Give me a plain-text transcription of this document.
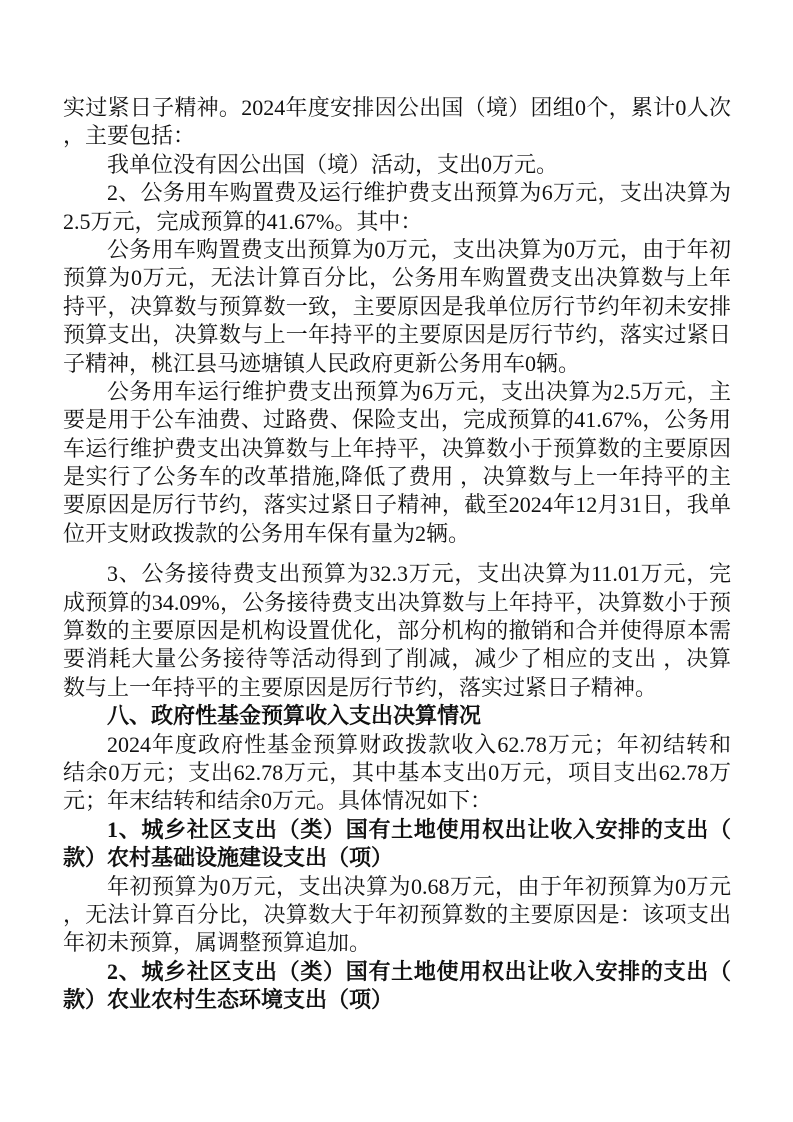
实过紧日子精神。2024年度安排因公出国（境）团组0个，累计0人次
，主要包括：
我单位没有因公出国（境）活动，支出0万元。
2、公务用车购置费及运行维护费支出预算为6万元，支出决算为
2.5万元，完成预算的41.67%。其中：
公务用车购置费支出预算为0万元，支出决算为0万元，由于年初
预算为0万元，无法计算百分比，公务用车购置费支出决算数与上年
持平，决算数与预算数一致，主要原因是我单位厉行节约年初未安排
预算支出，决算数与上一年持平的主要原因是厉行节约，落实过紧日
子精神，桃江县马迹塘镇人民政府更新公务用车0辆。
公务用车运行维护费支出预算为6万元，支出决算为2.5万元，主
要是用于公车油费、过路费、保险支出，完成预算的41.67%，公务用
车运行维护费支出决算数与上年持平，决算数小于预算数的主要原因
是实行了公务车的改革措施,降低了费用 ，决算数与上一年持平的主
要原因是厉行节约，落实过紧日子精神，截至2024年12月31日，我单
位开支财政拨款的公务用车保有量为2辆。
3、公务接待费支出预算为32.3万元，支出决算为11.01万元，完
成预算的34.09%，公务接待费支出决算数与上年持平，决算数小于预
算数的主要原因是机构设置优化，部分机构的撤销和合并使得原本需
要消耗大量公务接待等活动得到了削减，减少了相应的支出 ，决算
数与上一年持平的主要原因是厉行节约，落实过紧日子精神。
八、政府性基金预算收入支出决算情况
2024年度政府性基金预算财政拨款收入62.78万元；年初结转和
结余0万元；支出62.78万元，其中基本支出0万元，项目支出62.78万
元；年末结转和结余0万元。具体情况如下：
1、城乡社区支出（类）国有土地使用权出让收入安排的支出（
款）农村基础设施建设支出（项）
年初预算为0万元，支出决算为0.68万元，由于年初预算为0万元
，无法计算百分比，决算数大于年初预算数的主要原因是：该项支出
年初未预算，属调整预算追加。
2、城乡社区支出（类）国有土地使用权出让收入安排的支出（
款）农业农村生态环境支出（项）
